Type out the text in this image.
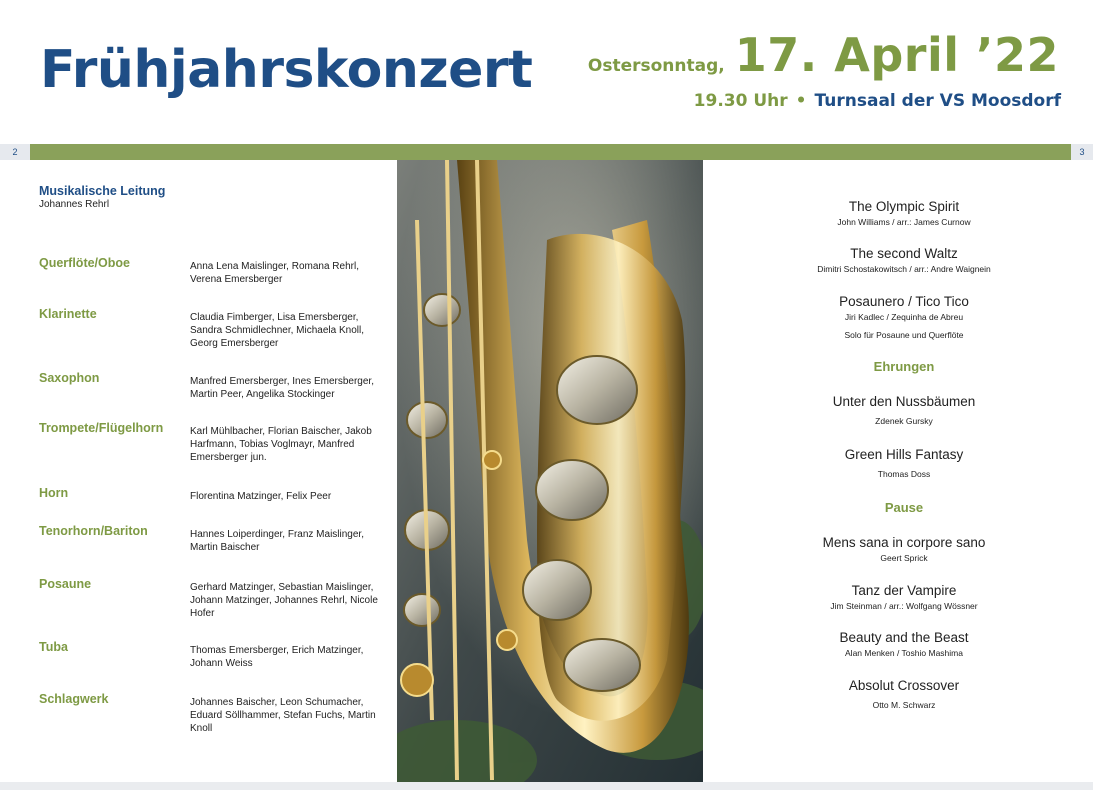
Frühjahrskonzert	Ostersonntag, 17. April ’22
19.30 Uhr • Turnsaal der VS Moosdorf
2	3
Musikalische Leitung
Johannes Rehrl
Querflöte/Oboe	Anna Lena Maislinger, Romana Rehrl, Verena Emersberger
Klarinette	Claudia Fimberger, Lisa Emersberger, Sandra Schmidlechner, Michaela Knoll, Georg Emersberger
Saxophon	Manfred Emersberger, Ines Emersberger, Martin Peer, Angelika Stockinger
Trompete/Flügelhorn	Karl Mühlbacher, Florian Baischer, Jakob Harfmann, Tobias Voglmayr, Manfred Emersberger jun.
Horn	Florentina Matzinger, Felix Peer
Tenorhorn/Bariton	Hannes Loiperdinger, Franz Maislinger, Martin Baischer
Posaune	Gerhard Matzinger, Sebastian Maislinger, Johann Matzinger, Johannes Rehrl, Nicole Hofer
Tuba	Thomas Emersberger, Erich Matzinger, Johann Weiss
Schlagwerk	Johannes Baischer, Leon Schumacher, Eduard Söllhammer, Stefan Fuchs, Martin Knoll
The Olympic Spirit
John Williams / arr.: James Curnow
The second Waltz
Dimitri Schostakowitsch / arr.: Andre Waignein
Posaunero / Tico Tico
Jiri Kadlec / Zequinha de Abreu
Solo für Posaune und Querflöte
Ehrungen
Unter den Nussbäumen
Zdenek Gursky
Green Hills Fantasy
Thomas Doss
Pause
Mens sana in corpore sano
Geert Sprick
Tanz der Vampire
Jim Steinman / arr.: Wolfgang Wössner
Beauty and the Beast
Alan Menken / Toshio Mashima
Absolut Crossover
Otto M. Schwarz
